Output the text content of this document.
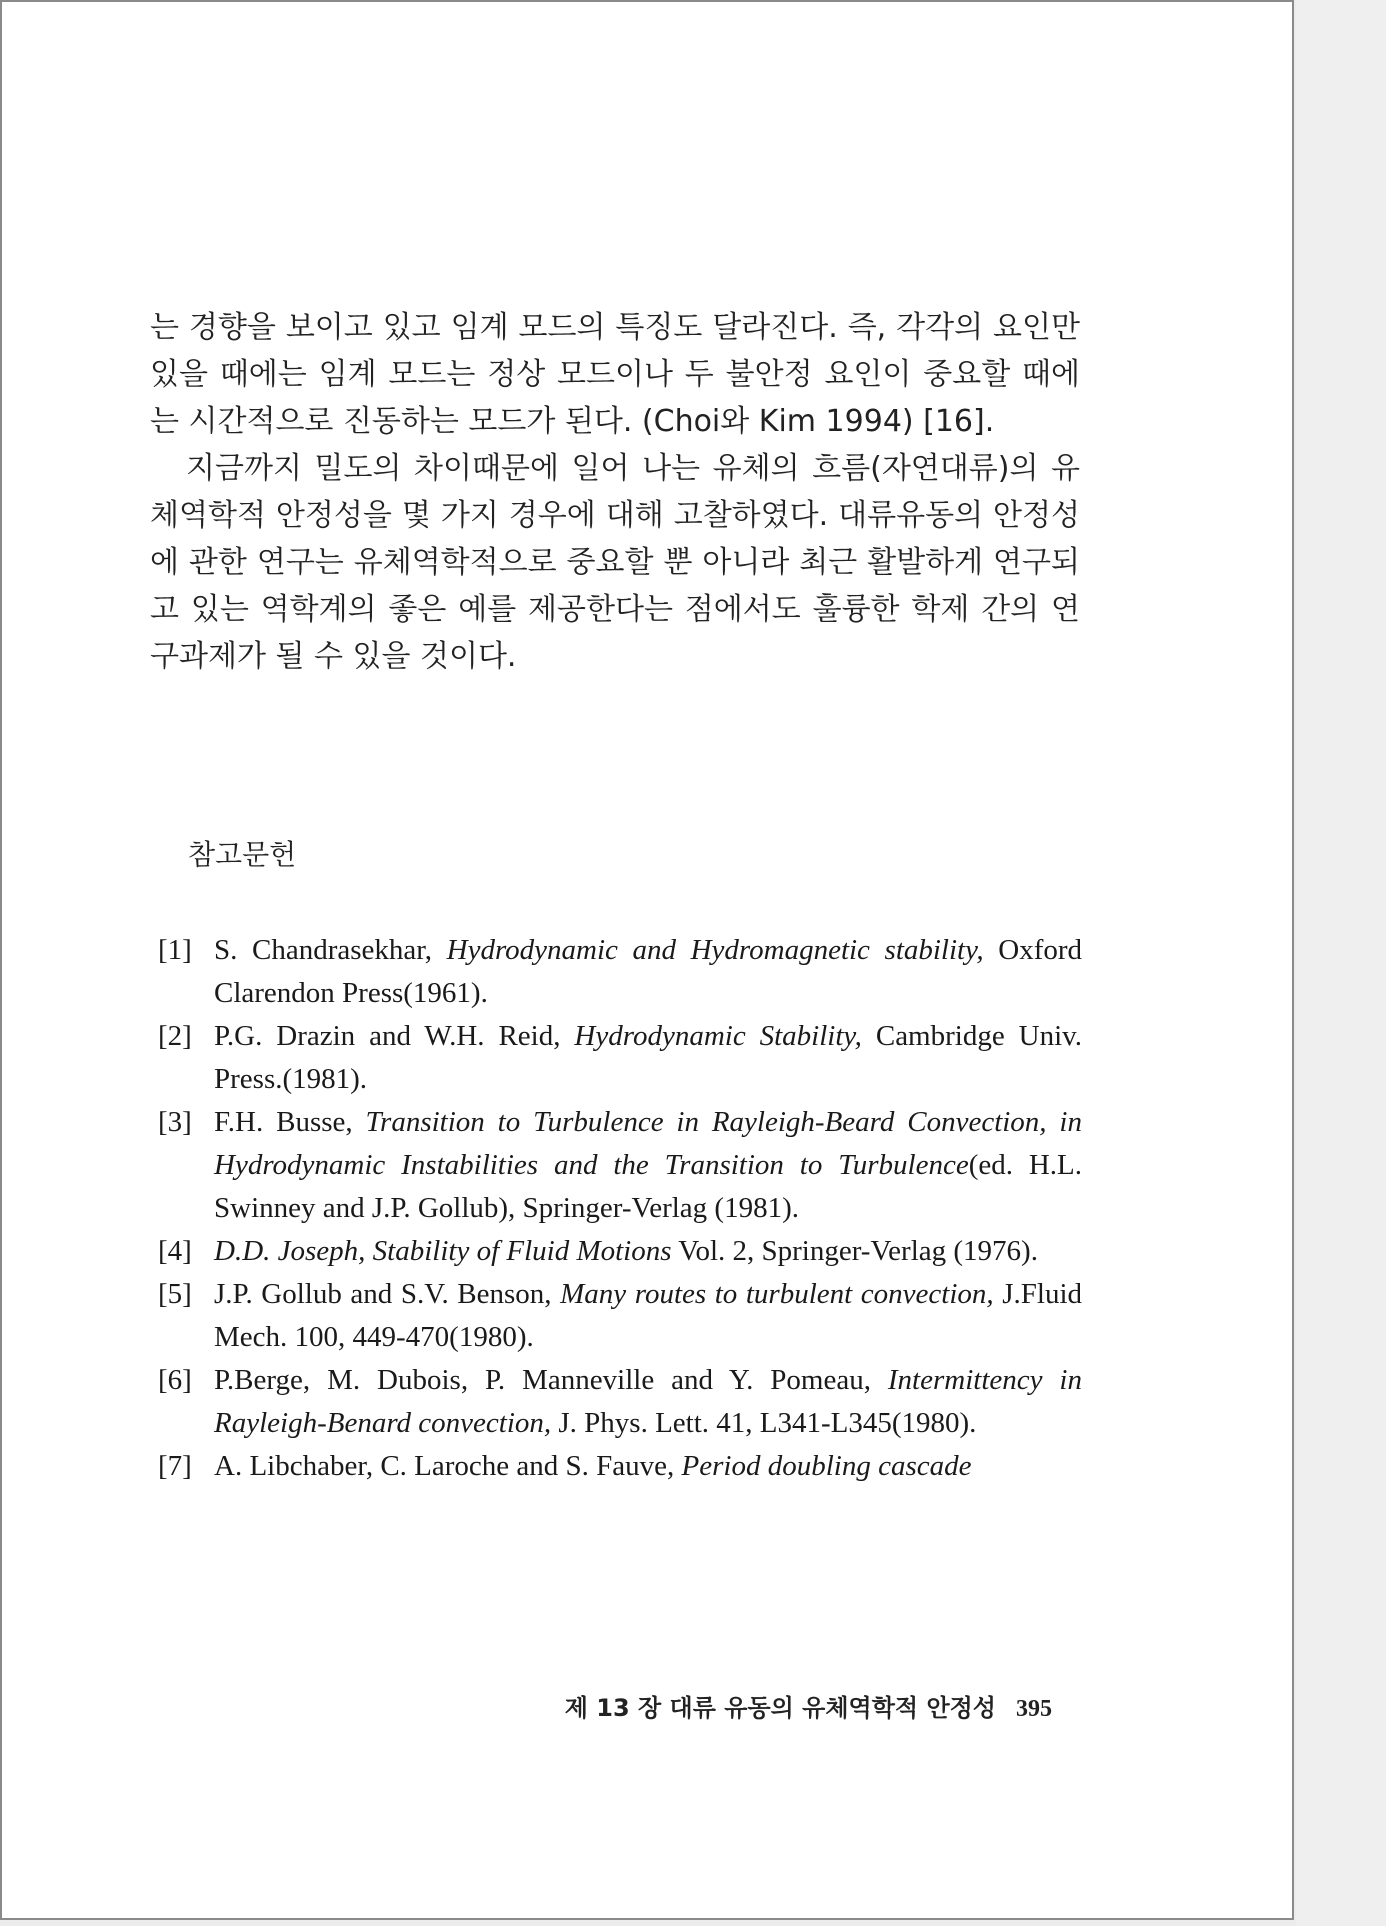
는 경향을 보이고 있고 임계 모드의 특징도 달라진다. 즉, 각각의 요인만 있을 때에는 임계 모드는 정상 모드이나 두 불안정 요인이 중요할 때에는 시간적으로 진동하는 모드가 된다. (Choi와 Kim 1994) [16].

지금까지 밀도의 차이때문에 일어 나는 유체의 흐름(자연대류)의 유체역학적 안정성을 몇 가지 경우에 대해 고찰하였다. 대류유동의 안정성에 관한 연구는 유체역학적으로 중요할 뿐 아니라 최근 활발하게 연구되고 있는 역학계의 좋은 예를 제공한다는 점에서도 훌륭한 학제 간의 연구과제가 될 수 있을 것이다.

참고문헌
[1] S. Chandrasekhar, Hydrodynamic and Hydromagnetic stability, Oxford Clarendon Press(1961).
[2] P.G. Drazin and W.H. Reid, Hydrodynamic Stability, Cambridge Univ. Press.(1981).
[3] F.H. Busse, Transition to Turbulence in Rayleigh-Beard Convection, in Hydrodynamic Instabilities and the Transition to Turbulence(ed. H.L. Swinney and J.P. Gollub), Springer-Verlag (1981).
[4] D.D. Joseph, Stability of Fluid Motions Vol. 2, Springer-Verlag (1976).
[5] J.P. Gollub and S.V. Benson, Many routes to turbulent convection, J.Fluid Mech. 100, 449-470(1980).
[6] P.Berge, M. Dubois, P. Manneville and Y. Pomeau, Intermittency in Rayleigh-Benard convection, J. Phys. Lett. 41, L341-L345(1980).
[7] A. Libchaber, C. Laroche and S. Fauve, Period doubling cascade
제 13 장 대류 유동의 유체역학적 안정성 395
